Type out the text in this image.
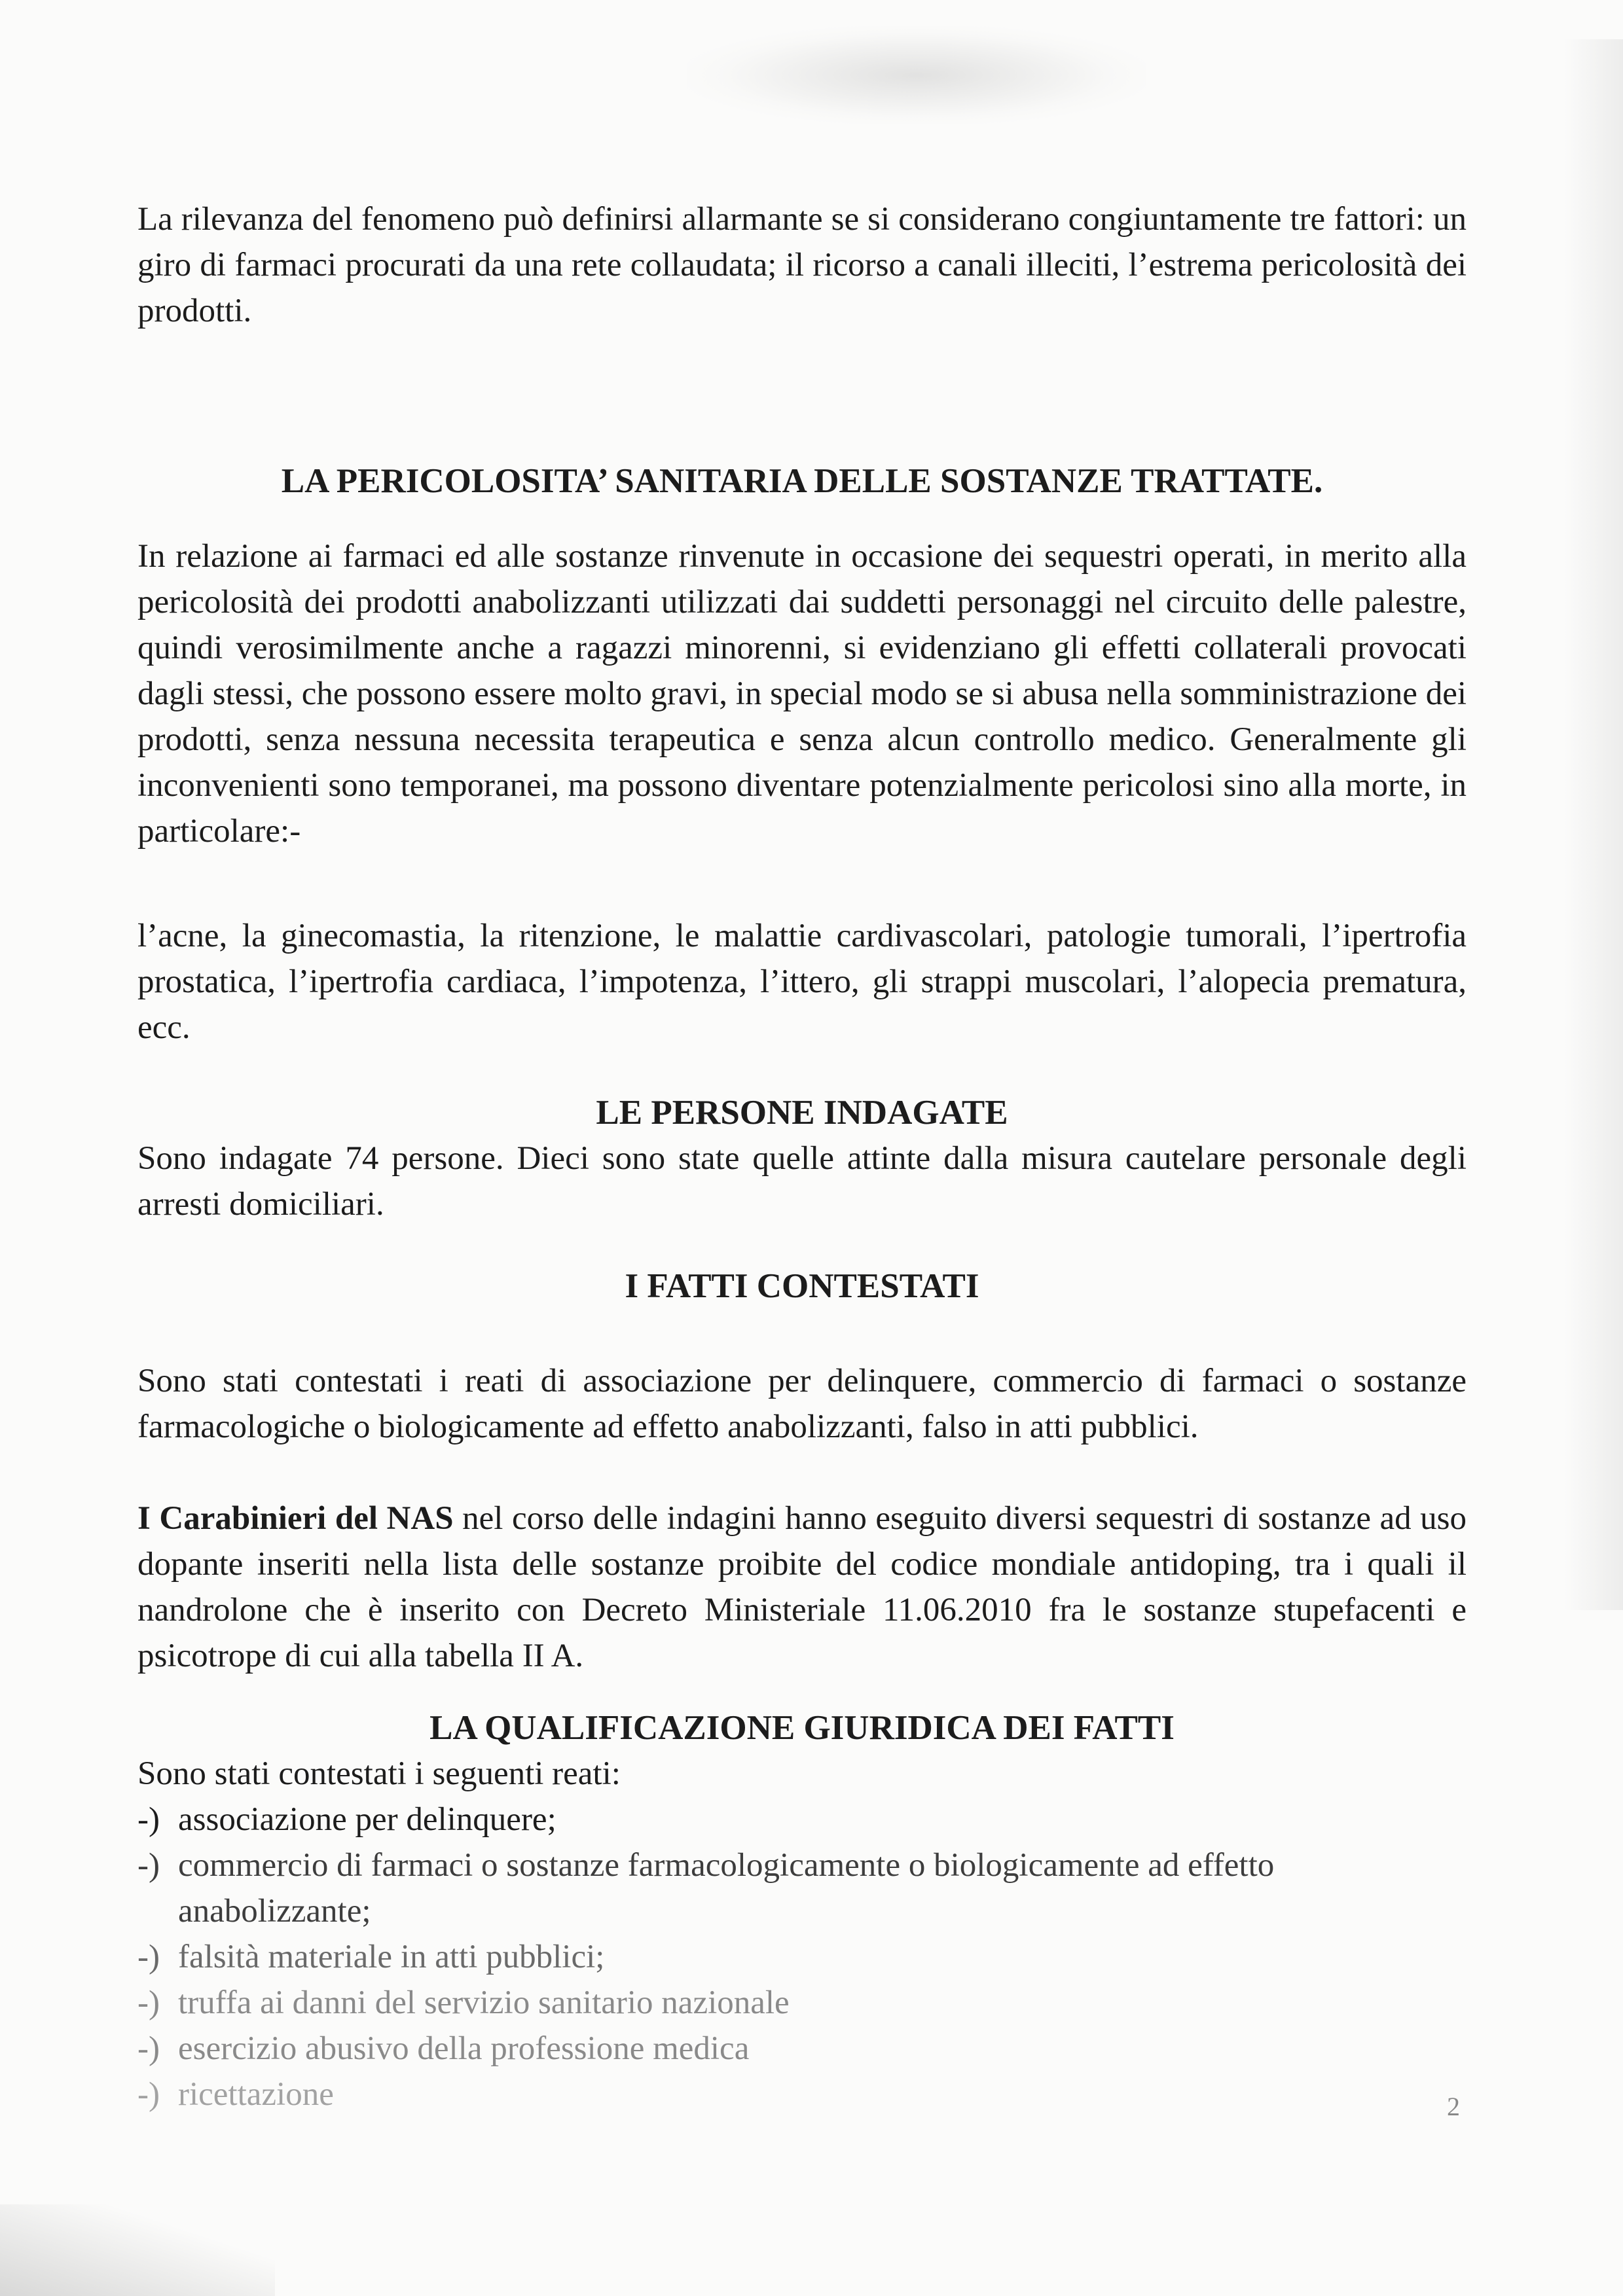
La rilevanza del fenomeno può definirsi allarmante se si considerano congiuntamente tre fattori: un giro di farmaci procurati da una rete collaudata; il ricorso a canali illeciti, l’estrema pericolosità dei prodotti.

LA PERICOLOSITA’ SANITARIA DELLE SOSTANZE TRATTATE.

In relazione ai farmaci ed alle sostanze rinvenute in occasione dei sequestri operati, in merito alla pericolosità dei prodotti anabolizzanti utilizzati dai suddetti personaggi nel circuito delle palestre, quindi verosimilmente anche a ragazzi minorenni, si evidenziano gli effetti collaterali provocati dagli stessi, che possono essere molto gravi, in special modo se si abusa nella somministrazione dei prodotti, senza nessuna necessita terapeutica e senza alcun controllo medico. Generalmente gli inconvenienti sono temporanei, ma possono diventare potenzialmente pericolosi sino alla morte, in particolare:-

l’acne, la ginecomastia, la ritenzione, le malattie cardivascolari, patologie tumorali, l’ipertrofia prostatica, l’ipertrofia cardiaca, l’impotenza, l’ittero, gli strappi muscolari, l’alopecia prematura, ecc.

LE PERSONE INDAGATE

Sono indagate 74 persone. Dieci sono state quelle attinte dalla misura cautelare personale degli arresti domiciliari.

I FATTI CONTESTATI

Sono stati contestati i reati di associazione per delinquere, commercio di farmaci o sostanze farmacologiche o biologicamente ad effetto anabolizzanti, falso in atti pubblici.

I Carabinieri del NAS nel corso delle indagini hanno eseguito diversi sequestri di sostanze ad uso dopante inseriti nella lista delle sostanze proibite del codice mondiale antidoping, tra i quali il nandrolone che è inserito con Decreto Ministeriale 11.06.2010 fra le sostanze stupefacenti e psicotrope di cui alla tabella II A.

LA QUALIFICAZIONE GIURIDICA DEI FATTI

Sono stati contestati i seguenti reati:

-) associazione per delinquere;
-) commercio di farmaci o sostanze farmacologicamente o biologicamente ad effetto anabolizzante;
-) falsità materiale in atti pubblici;
-) truffa ai danni del servizio sanitario nazionale
-) esercizio abusivo della professione medica
-) ricettazione	2
